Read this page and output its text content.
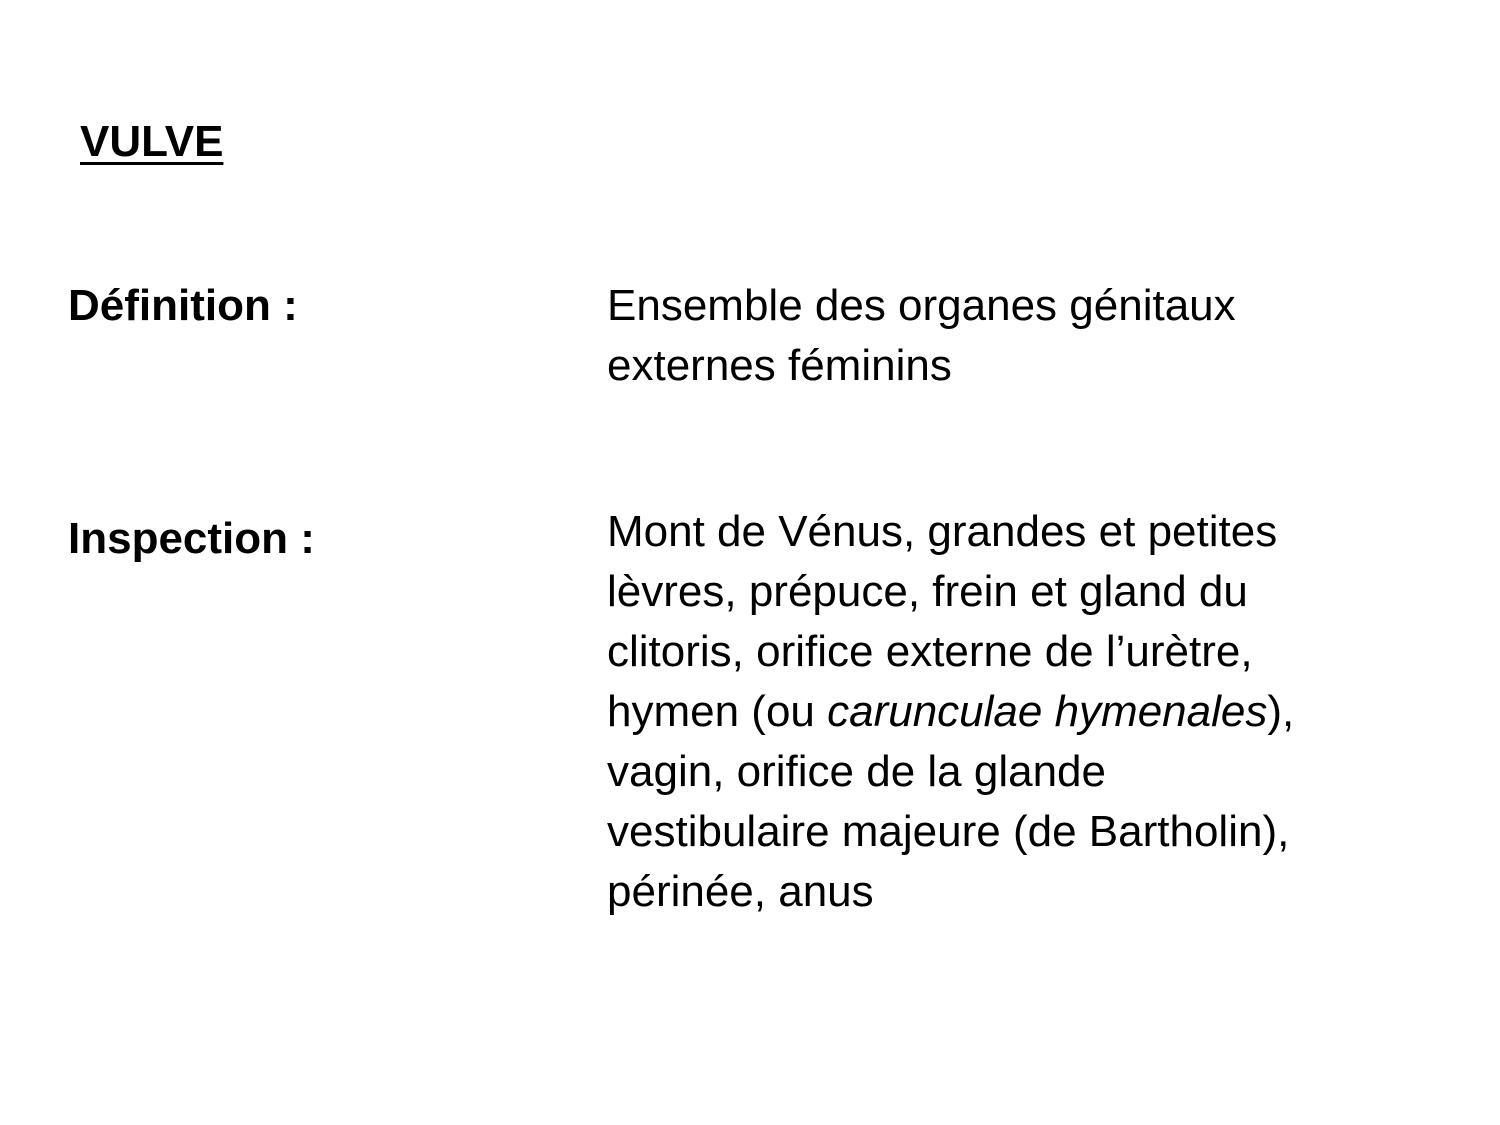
VULVE
Définition :	Ensemble des organes génitaux
externes féminins
Inspection :	Mont de Vénus, grandes et petites
lèvres, prépuce, frein et gland du
clitoris, orifice externe de l’urètre,
hymen (ou carunculae hymenales),
vagin, orifice de la glande
vestibulaire majeure (de Bartholin),
périnée, anus
